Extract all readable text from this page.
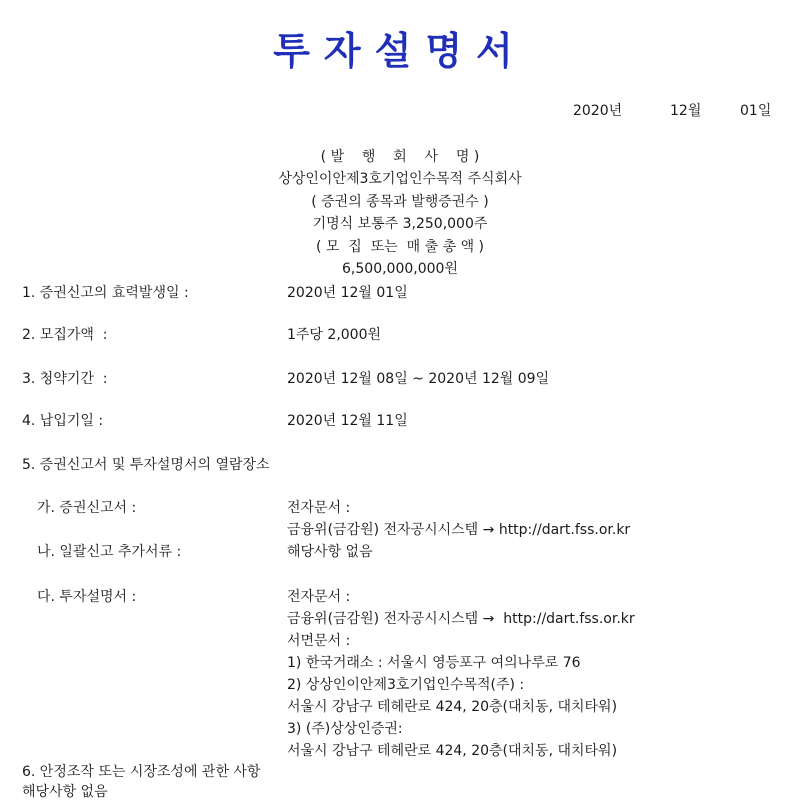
투자설명서
2020년	12월	01일
( 발    행    회    사    명 )
상상인이안제3호기업인수목적 주식회사
( 증권의 종목과 발행증권수 )
기명식 보통주 3,250,000주
( 모  집  또는  매 출 총 액 )
6,500,000,000원
1. 증권신고의 효력발생일 :	2020년 12월 01일
2. 모집가액  :	1주당 2,000원
3. 청약기간  :	2020년 12월 08일 ~ 2020년 12월 09일
4. 납입기일 :	2020년 12월 11일
5. 증권신고서 및 투자설명서의 열람장소
가. 증권신고서 :	전자문서 :
금융위(금감원) 전자공시시스템 → http://dart.fss.or.kr
나. 일괄신고 추가서류 :	해당사항 없음
다. 투자설명서 :	전자문서 :
금융위(금감원) 전자공시시스템 →  http://dart.fss.or.kr
서면문서 :
1) 한국거래소 : 서울시 영등포구 여의나루로 76
2) 상상인이안제3호기업인수목적(주) :
서울시 강남구 테헤란로 424, 20층(대치동, 대치타워)
3) (주)상상인증권:
서울시 강남구 테헤란로 424, 20층(대치동, 대치타워)
6. 안정조작 또는 시장조성에 관한 사항
해당사항 없음
